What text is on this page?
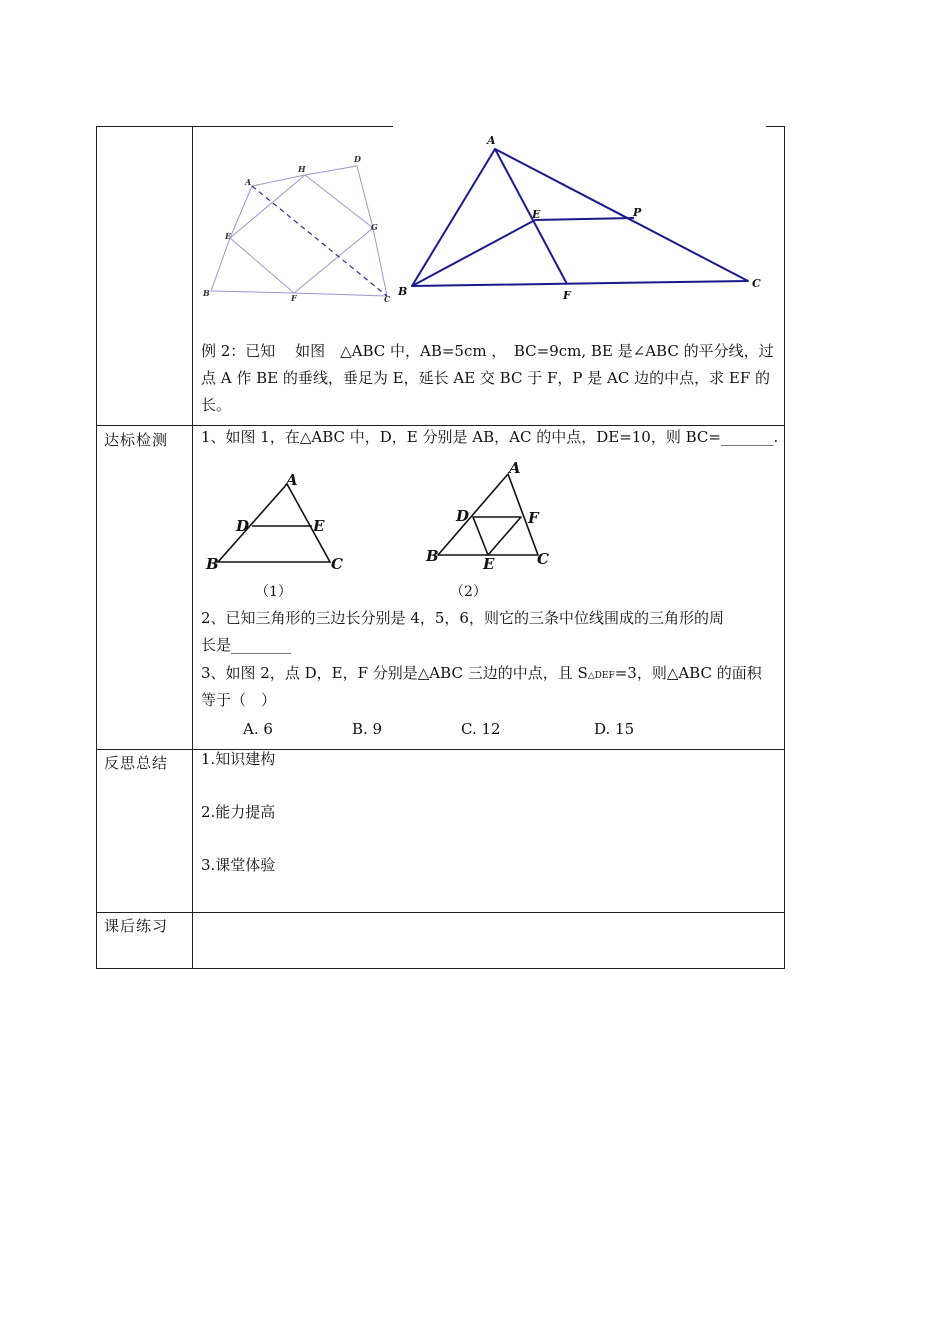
A
H
D
E
G
B	F	C
A
E	P
B	F
C
例 2：已知　 如图　△ABC 中，AB=5cm ，　BC=9cm, BE 是∠ABC 的平分线，过
点 A 作 BE 的垂线，垂足为 E，延长 AE 交 BC 于 F，P 是 AC 边的中点，求 EF 的
长。
达标检测 1、如图 1，在△ABC 中，D，E 分别是 AB，AC 的中点，DE=10，则 BC=_______.
A
D	E
B	C
（1）
A
D	F
B	E	C
（2）
2、已知三角形的三边长分别是 4，5，6，则它的三条中位线围成的三角形的周
长是________
3、如图 2，点 D，E，F 分别是△ABC 三边的中点，且 S△DEF=3，则△ABC 的面积
等于（　）
A. 6	B. 9	C. 12	D. 15
反思总结 1.知识建构
2.能力提高
3.课堂体验
课后练习
